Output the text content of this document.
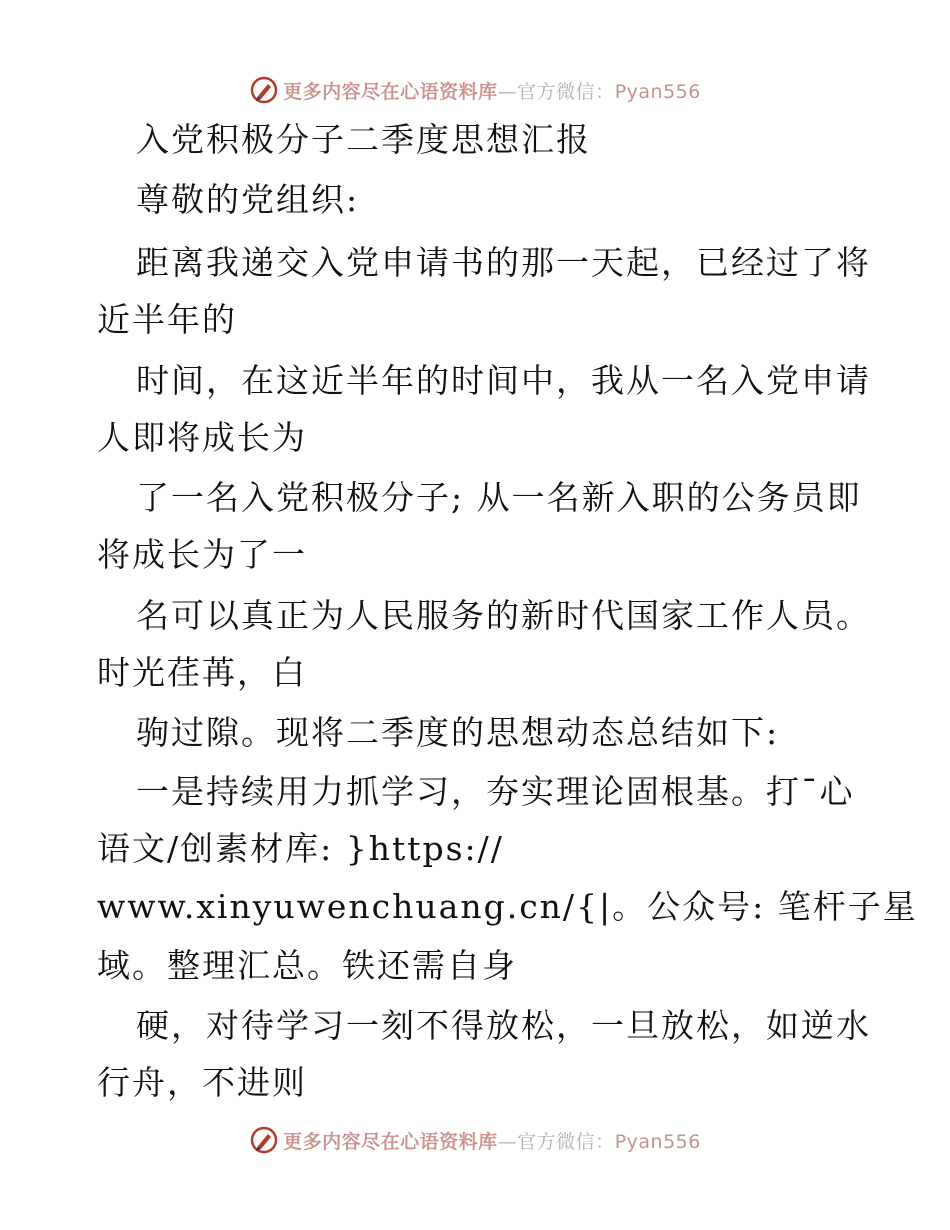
更多内容尽在心语资料库—官方微信：Pyan556
入党积极分子二季度思想汇报
尊敬的党组织:
距离我递交入党申请书的那一天起，已经过了将
近半年的
时间，在这近半年的时间中，我从一名入党申请
人即将成长为
了一名入党积极分子; 从一名新入职的公务员即
将成长为了一
名可以真正为人民服务的新时代国家工作人员。
时光荏苒，白
驹过隙。现将二季度的思想动态总结如下:
一是持续用力抓学习，夯实理论固根基。打¯心
语文/创素材库: }https://
www.xinyuwenchuang.cn/{|。公众号: 笔杆子星
域。整理汇总。铁还需自身
硬，对待学习一刻不得放松，一旦放松，如逆水
行舟，不进则
更多内容尽在心语资料库—官方微信：Pyan556
